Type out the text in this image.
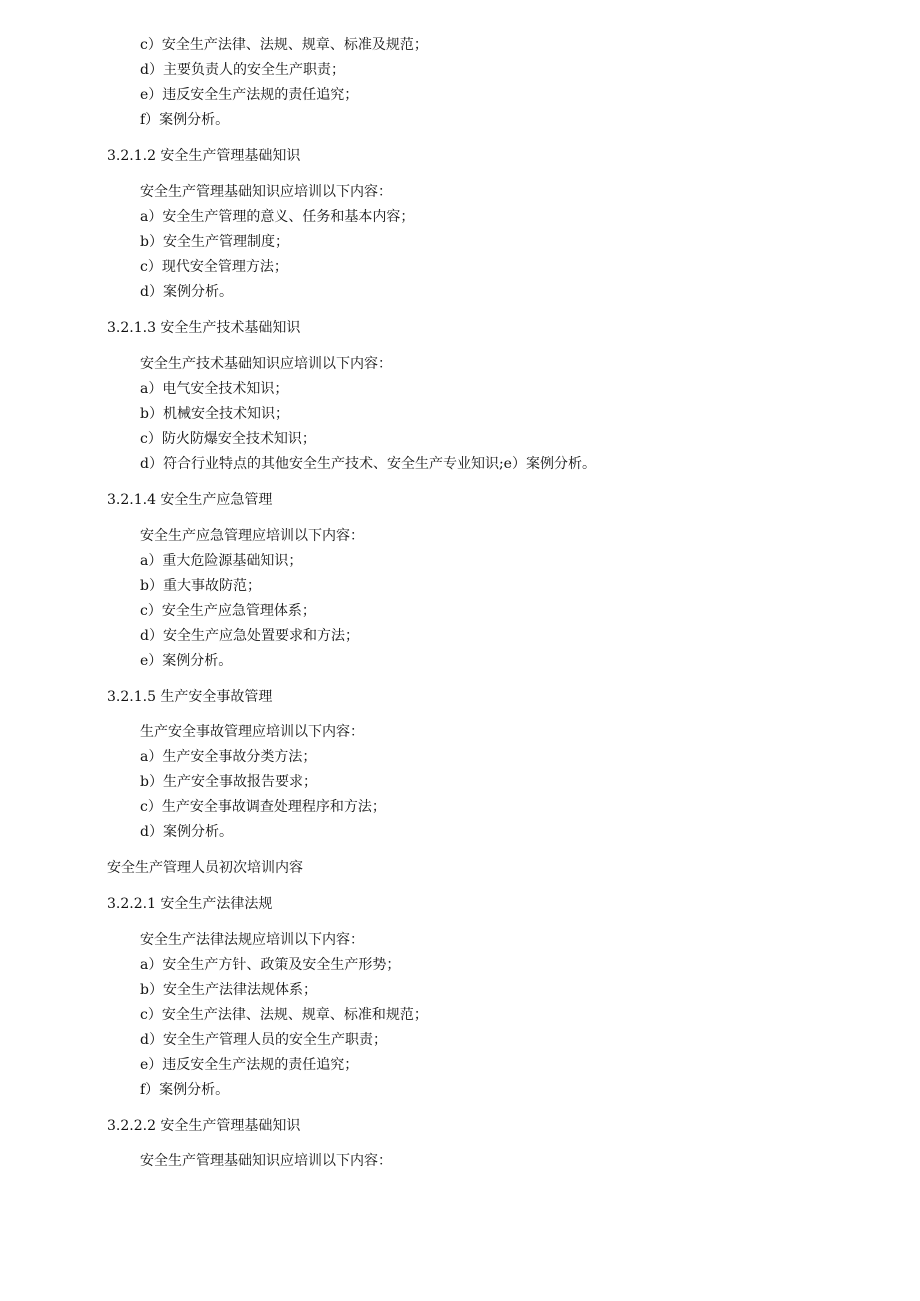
c）安全生产法律、法规、规章、标准及规范；
d）主要负责人的安全生产职责；
e）违反安全生产法规的责任追究；
f）案例分析。
3.2.1.2 安全生产管理基础知识
安全生产管理基础知识应培训以下内容：
a）安全生产管理的意义、任务和基本内容；
b）安全生产管理制度；
c）现代安全管理方法；
d）案例分析。
3.2.1.3 安全生产技术基础知识
安全生产技术基础知识应培训以下内容：
a）电气安全技术知识；
b）机械安全技术知识；
c）防火防爆安全技术知识；
d）符合行业特点的其他安全生产技术、安全生产专业知识;e）案例分析。
3.2.1.4 安全生产应急管理
安全生产应急管理应培训以下内容：
a）重大危险源基础知识；
b）重大事故防范；
c）安全生产应急管理体系；
d）安全生产应急处置要求和方法；
e）案例分析。
3.2.1.5 生产安全事故管理
生产安全事故管理应培训以下内容：
a）生产安全事故分类方法；
b）生产安全事故报告要求；
c）生产安全事故调查处理程序和方法；
d）案例分析。
安全生产管理人员初次培训内容
3.2.2.1 安全生产法律法规
安全生产法律法规应培训以下内容：
a）安全生产方针、政策及安全生产形势；
b）安全生产法律法规体系；
c）安全生产法律、法规、规章、标准和规范；
d）安全生产管理人员的安全生产职责；
e）违反安全生产法规的责任追究；
f）案例分析。
3.2.2.2 安全生产管理基础知识
安全生产管理基础知识应培训以下内容：
